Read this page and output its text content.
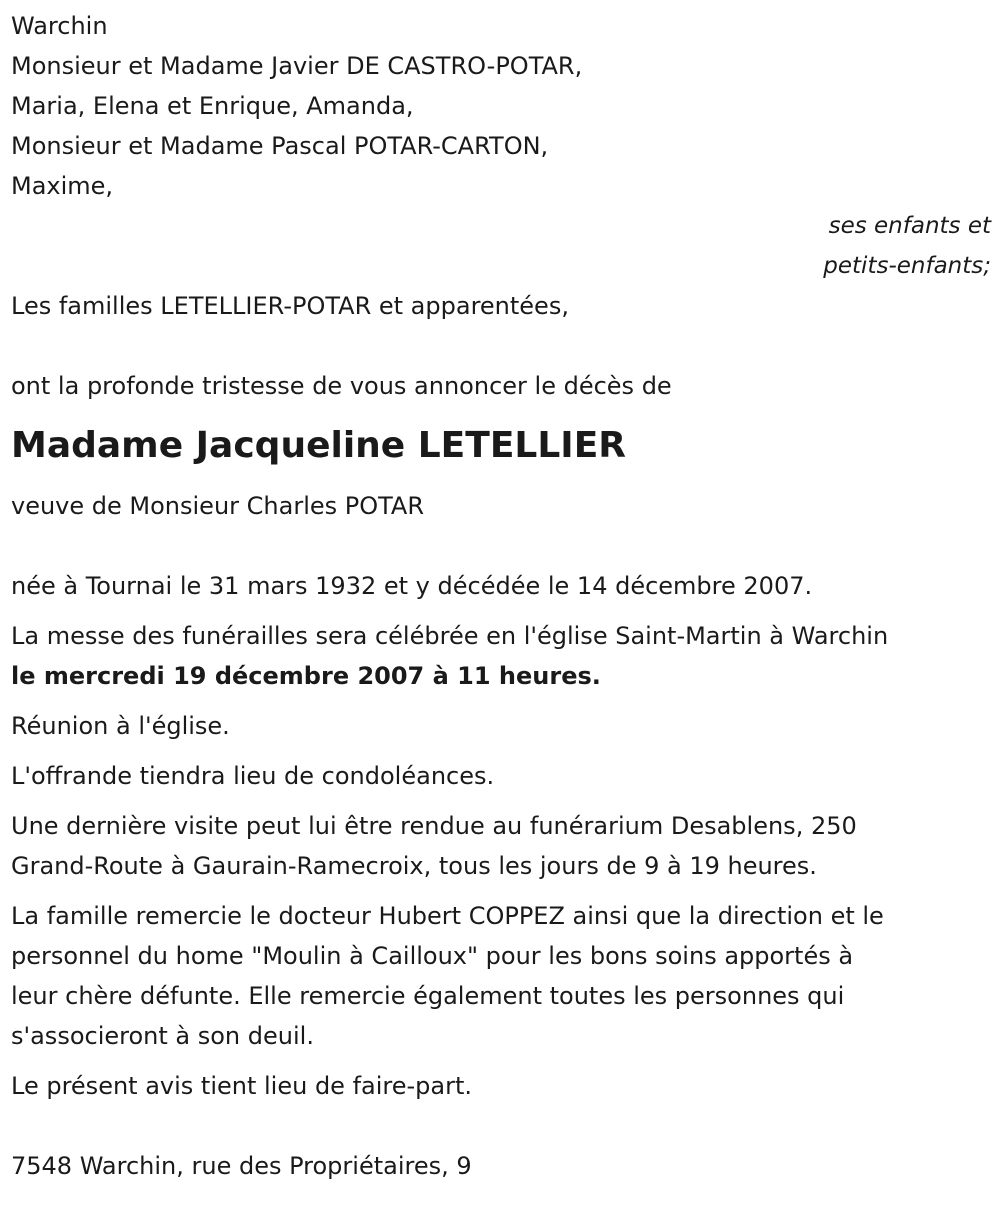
Warchin
Monsieur et Madame Javier DE CASTRO-POTAR,
Maria, Elena et Enrique, Amanda,
Monsieur et Madame Pascal POTAR-CARTON,
Maxime,
ses enfants et
petits-enfants;
Les familles LETELLIER-POTAR et apparentées,
ont la profonde tristesse de vous annoncer le décès de
Madame Jacqueline LETELLIER
veuve de Monsieur Charles POTAR
née à Tournai le 31 mars 1932 et y décédée le 14 décembre 2007.
La messe des funérailles sera célébrée en l'église Saint-Martin à Warchin
le mercredi 19 décembre 2007 à 11 heures.
Réunion à l'église.
L'offrande tiendra lieu de condoléances.
Une dernière visite peut lui être rendue au funérarium Desablens, 250
Grand-Route à Gaurain-Ramecroix, tous les jours de 9 à 19 heures.
La famille remercie le docteur Hubert COPPEZ ainsi que la direction et le
personnel du home "Moulin à Cailloux" pour les bons soins apportés à
leur chère défunte. Elle remercie également toutes les personnes qui
s'associeront à son deuil.
Le présent avis tient lieu de faire-part.
7548 Warchin, rue des Propriétaires, 9
